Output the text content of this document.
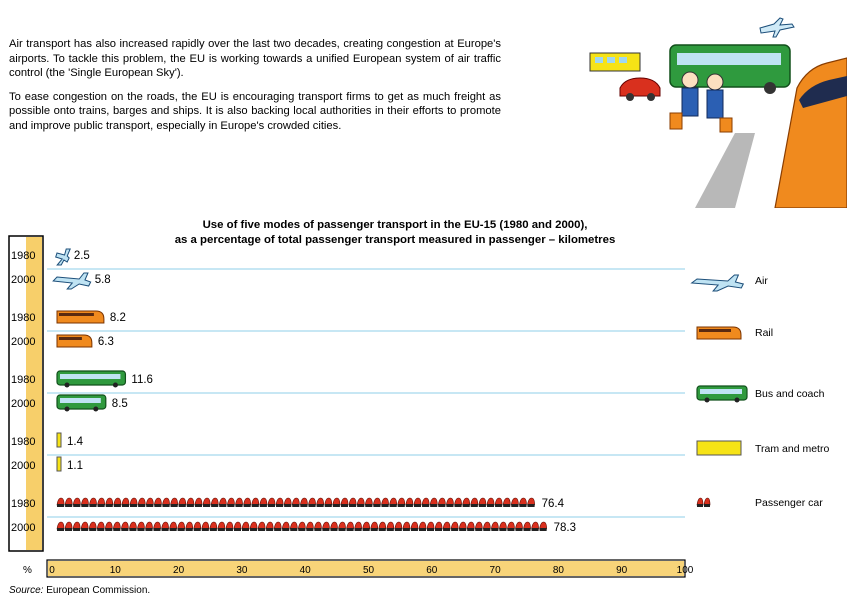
Air transport has also increased rapidly over the last two decades, creating congestion at Europe's airports. To tackle this problem, the EU is working towards a unified European system of air traffic control (the 'Single European Sky').

To ease congestion on the roads, the EU is encouraging transport firms to get as much freight as possible onto trains, barges and ships. It is also backing local authorities in their efforts to promote and improve public transport, especially in Europe's crowded cities.

Use of five modes of passenger transport in the EU-15 (1980 and 2000),
as a percentage of total passenger transport measured in passenger – kilometres
1980	2.5
2000	5.8
1980	8.2
2000	6.3
1980	11.6
2000	8.5
1980	1.4
2000	1.1
1980	76.4
2000	78.3
Air
Rail
Bus and coach
Tram and metro
Passenger car
% 0	10	20	30	40	50	60	70	80	90	100
Source: European Commission.
